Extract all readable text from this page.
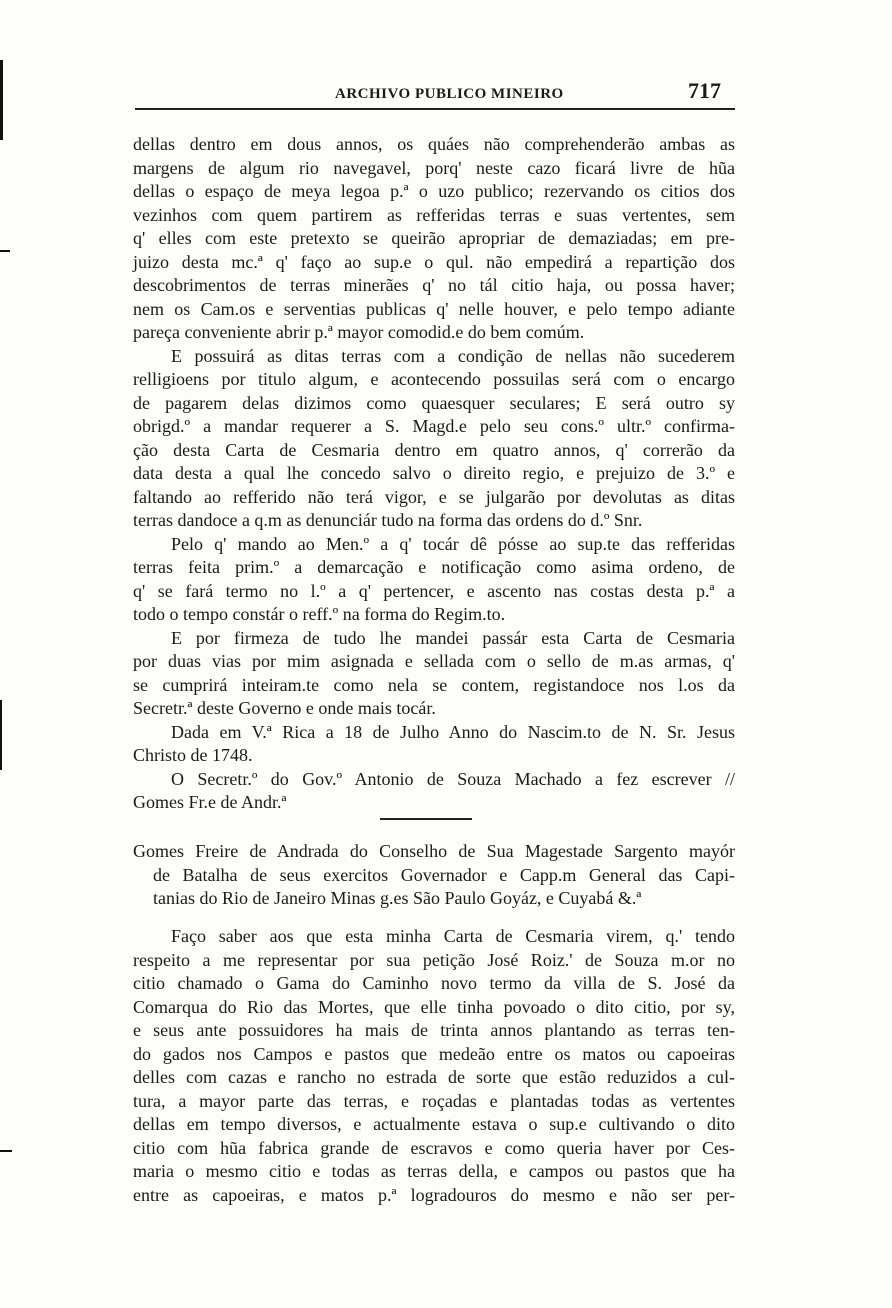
ARCHIVO PUBLICO MINEIRO	717
dellas dentro em dous annos, os quáes não comprehenderão ambas as
margens de algum rio navegavel, porq' neste cazo ficará livre de hũa
dellas o espaço de meya legoa p.ª o uzo publico; rezervando os citios dos
vezinhos com quem partirem as refferidas terras e suas vertentes, sem
q' elles com este pretexto se queirão apropriar de demaziadas; em pre-
juizo desta mc.ª q' faço ao sup.e o qul. não empedirá a repartição dos
descobrimentos de terras minerães q' no tál citio haja, ou possa haver;
nem os Cam.os e serventias publicas q' nelle houver, e pelo tempo adiante
pareça conveniente abrir p.ª mayor comodid.e do bem comúm.
E possuirá as ditas terras com a condição de nellas não sucederem
relligioens por titulo algum, e acontecendo possuilas será com o encargo
de pagarem delas dizimos como quaesquer seculares; E será outro sy
obrigd.º a mandar requerer a S. Magd.e pelo seu cons.º ultr.º confirma-
ção desta Carta de Cesmaria dentro em quatro annos, q' correrão da
data desta a qual lhe concedo salvo o direito regio, e prejuizo de 3.º e
faltando ao refferido não terá vigor, e se julgarão por devolutas as ditas
terras dandoce a q.m as denunciár tudo na forma das ordens do d.º Snr.
Pelo q' mando ao Men.º a q' tocár dê pósse ao sup.te das refferidas
terras feita prim.º a demarcação e notificação como asima ordeno, de
q' se fará termo no l.º a q' pertencer, e ascento nas costas desta p.ª a
todo o tempo constár o reff.º na forma do Regim.to.
E por firmeza de tudo lhe mandei passár esta Carta de Cesmaria
por duas vias por mim asignada e sellada com o sello de m.as armas, q'
se cumprirá inteiram.te como nela se contem, registandoce nos l.os da
Secretr.ª deste Governo e onde mais tocár.
Dada em V.ª Rica a 18 de Julho Anno do Nascim.to de N. Sr. Jesus
Christo de 1748.
O Secretr.º do Gov.º Antonio de Souza Machado a fez escrever //
Gomes Fr.e de Andr.ª
Gomes Freire de Andrada do Conselho de Sua Magestade Sargento mayór
de Batalha de seus exercitos Governador e Capp.m General das Capi-
tanias do Rio de Janeiro Minas g.es São Paulo Goyáz, e Cuyabá &.ª
Faço saber aos que esta minha Carta de Cesmaria virem, q.' tendo
respeito a me representar por sua petição José Roiz.' de Souza m.or no
citio chamado o Gama do Caminho novo termo da villa de S. José da
Comarqua do Rio das Mortes, que elle tinha povoado o dito citio, por sy,
e seus ante possuidores ha mais de trinta annos plantando as terras ten-
do gados nos Campos e pastos que medeão entre os matos ou capoeiras
delles com cazas e rancho no estrada de sorte que estão reduzidos a cul-
tura, a mayor parte das terras, e roçadas e plantadas todas as vertentes
dellas em tempo diversos, e actualmente estava o sup.e cultivando o dito
citio com hũa fabrica grande de escravos e como queria haver por Ces-
maria o mesmo citio e todas as terras della, e campos ou pastos que ha
entre as capoeiras, e matos p.ª logradouros do mesmo e não ser per-
